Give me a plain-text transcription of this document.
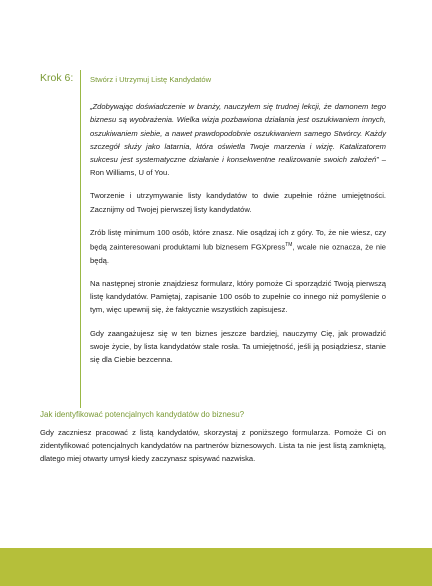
Krok 6: Stwórz i Utrzymuj Listę Kandydatów

„Zdobywając doświadczenie w branży, nauczyłem się trudnej lekcji, że damonem tego biznesu są wyobrażenia. Wielka wizja pozbawiona działania jest oszukiwaniem innych, oszukiwaniem siebie, a nawet prawdopodobnie oszukiwaniem samego Stwórcy. Każdy szczegół służy jako latarnia, która oświetla Twoje marzenia i wizję. Katalizatorem sukcesu jest systematyczne działanie i konsekwentne realizowanie swoich założeń” – Ron Williams, U of You.

Tworzenie i utrzymywanie listy kandydatów to dwie zupełnie różne umiejętności. Zacznijmy od Twojej pierwszej listy kandydatów.

Zrób listę minimum 100 osób, które znasz. Nie osądzaj ich z góry. To, że nie wiesz, czy będą zainteresowani produktami lub biznesem FGXpress™, wcale nie oznacza, że nie będą.

Na następnej stronie znajdziesz formularz, który pomoże Ci sporządzić Twoją pierwszą listę kandydatów. Pamiętaj, zapisanie 100 osób to zupełnie co innego niż pomyślenie o tym, więc upewnij się, że faktycznie wszystkich zapisujesz.

Gdy zaangażujesz się w ten biznes jeszcze bardziej, nauczymy Cię, jak prowadzić swoje życie, by lista kandydatów stale rosła. Ta umiejętność, jeśli ją posiądziesz, stanie się dla Ciebie bezcenna.

Jak identyfikować potencjalnych kandydatów do biznesu?

Gdy zaczniesz pracować z listą kandydatów, skorzystaj z poniższego formularza. Pomoże Ci on zidentyfikować potencjalnych kandydatów na partnerów biznesowych. Lista ta nie jest listą zamkniętą, dlatego miej otwarty umysł kiedy zaczynasz spisywać nazwiska.
